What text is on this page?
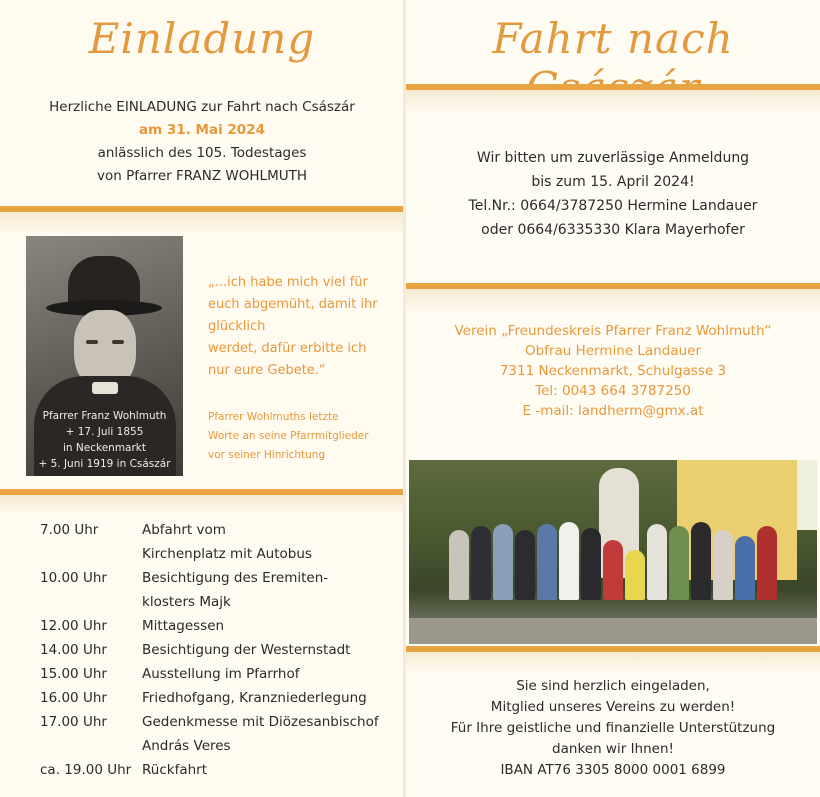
Einladung
Herzliche EINLADUNG zur Fahrt nach Császár
am 31. Mai 2024
anlässlich des 105. Todestages
von Pfarrer FRANZ WOHLMUTH
Pfarrer Franz Wohlmuth
+ 17. Juli 1855
in Neckenmarkt
+ 5. Juni 1919 in Császár
„...ich habe mich viel für
euch abgemüht, damit ihr
glücklich
werdet, dafür erbitte ich
nur eure Gebete.“
Pfarrer Wohlmuths letzte
Worte an seine Pfarrmitglieder
vor seiner Hinrichtung
7.00 Uhr	Abfahrt vom
Kirchenplatz mit Autobus
10.00 Uhr	Besichtigung des Eremiten-
klosters Majk
12.00 Uhr	Mittagessen
14.00 Uhr	Besichtigung der Westernstadt
15.00 Uhr	Ausstellung im Pfarrhof
16.00 Uhr	Friedhofgang, Kranzniederlegung
17.00 Uhr	Gedenkmesse mit Diözesanbischof
András Veres
ca. 19.00 Uhr Rückfahrt
Fahrt nach
Wir bitten um zuverlässige Anmeldung
bis zum 15. April 2024!
Tel.Nr.: 0664/3787250 Hermine Landauer
oder 0664/6335330 Klara Mayerhofer
Verein „Freundeskreis Pfarrer Franz Wohlmuth“
Obfrau Hermine Landauer
7311 Neckenmarkt, Schulgasse 3
Tel: 0043 664 3787250
E -mail: landherm@gmx.at
Sie sind herzlich eingeladen,
Mitglied unseres Vereins zu werden!
Für Ihre geistliche und finanzielle Unterstützung
danken wir Ihnen!
IBAN AT76 3305 8000 0001 6899
